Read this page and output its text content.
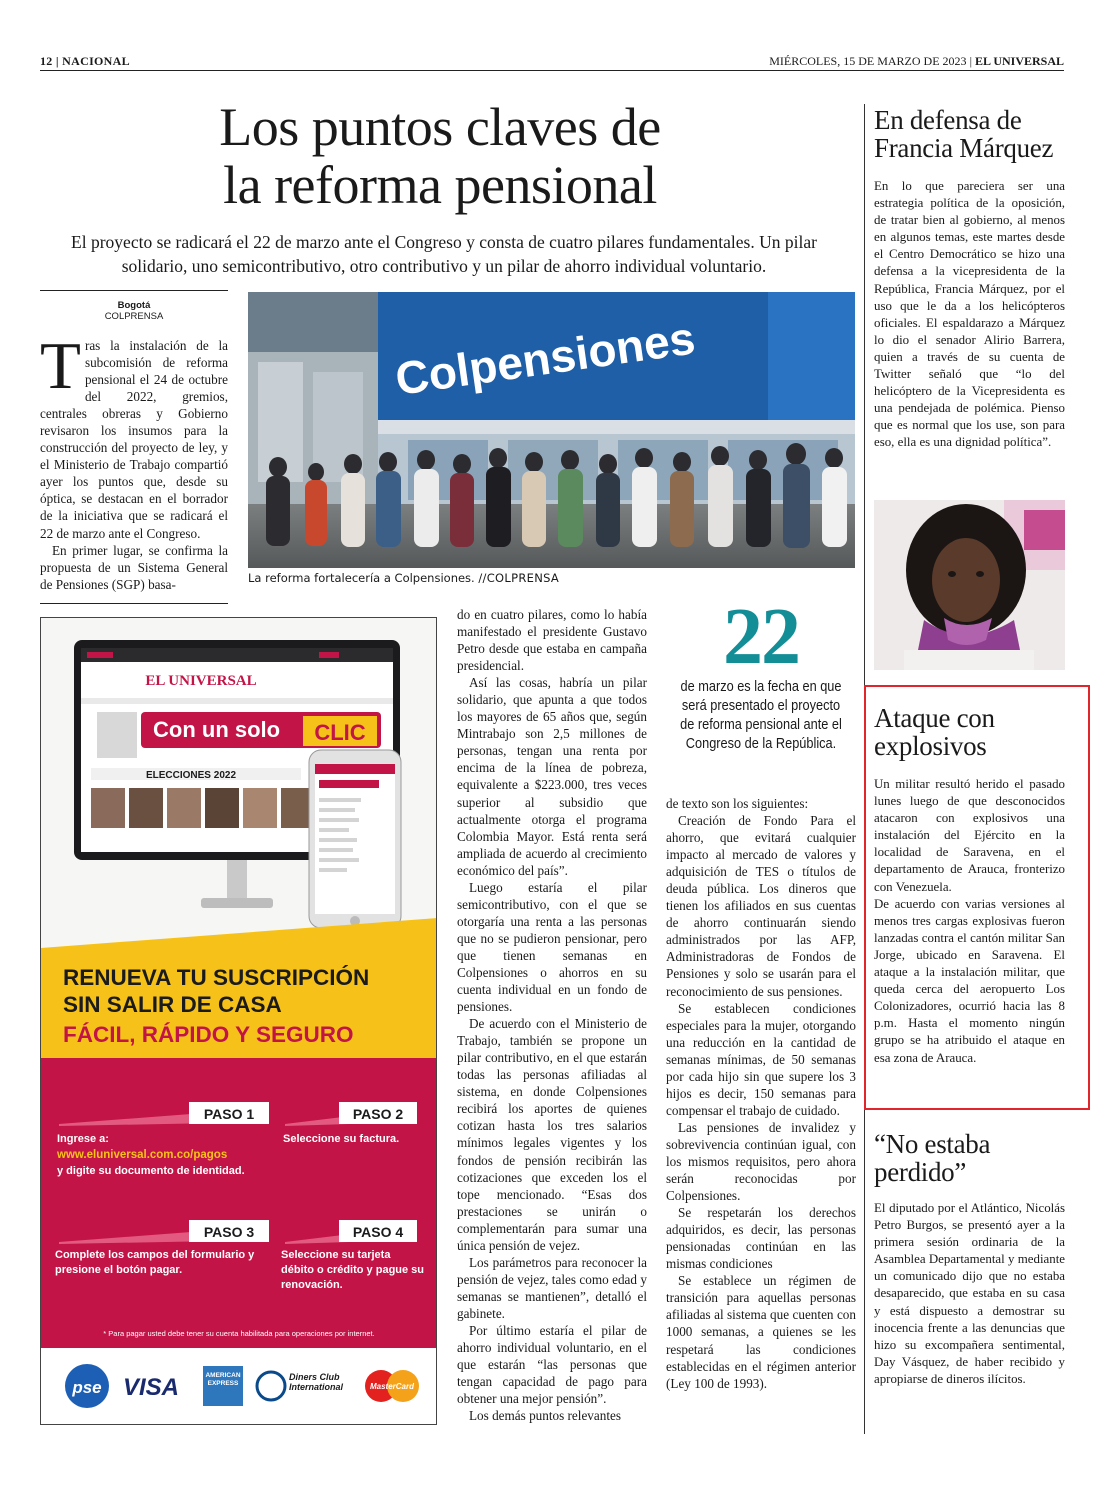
12 | NACIONAL	MIÉRCOLES, 15 DE MARZO DE 2023 | EL UNIVERSAL
Los puntos claves de
la reforma pensional
El proyecto se radicará el 22 de marzo ante el Congreso y consta de cuatro pilares fundamentales. Un pilar solidario, uno semicontributivo, otro contributivo y un pilar de ahorro individual voluntario.
Bogotá
COLPRENSA
T ras la instalación de la subcomisión de reforma pensional el 24 de octubre del 2022, gremios, centrales obreras y Gobierno revisaron los insumos para la construcción del proyecto de ley, y el Ministerio de Trabajo compartió ayer los puntos que, desde su óptica, se destacan en el borrador de la iniciativa que se radicará el 22 de marzo ante el Congreso.

En primer lugar, se confirma la propuesta de un Sistema General de Pensiones (SGP) basa-

Colpensiones
La reforma fortalecería a Colpensiones. //COLPRENSA
EL UNIVERSAL
Con un solo CLIC
ELECCIONES 2022
RENUEVA TU SUSCRIPCIÓN
SIN SALIR DE CASA
FÁCIL, RÁPIDO Y SEGURO
PASO 1
Ingrese a:
www.eluniversal.com.co/pagos
y digite su documento de identidad.
PASO 2
Seleccione su factura.
PASO 3
Complete los campos del formulario y presione el botón pagar.
PASO 4
Seleccione su tarjeta débito o crédito y pague su renovación.
* Para pagar usted debe tener su cuenta habilitada para operaciones por internet.
pse VISA	AMERICAN EXPRESS
Diners Club International	MasterCard

do en cuatro pilares, como lo había manifestado el presidente Gustavo Petro desde que estaba en campaña presidencial.

Así las cosas, habría un pilar solidario, que apunta a que todos los mayores de 65 años que, según Mintrabajo son 2,5 millones de personas, tengan una renta por encima de la línea de pobreza, equivalente a $223.000, tres veces superior al subsidio que actualmente otorga el programa Colombia Mayor. Está renta será ampliada de acuerdo al crecimiento económico del país”.

Luego estaría el pilar semicontributivo, con el que se otorgaría una renta a las personas que no se pudieron pensionar, pero que tienen semanas en Colpensiones o ahorros en su cuenta individual en un fondo de pensiones.

De acuerdo con el Ministerio de Trabajo, también se propone un pilar contributivo, en el que estarán todas las personas afiliadas al sistema, en donde Colpensiones recibirá los aportes de quienes cotizan hasta los tres salarios mínimos legales vigentes y los fondos de pensión recibirán las cotizaciones que exceden los el tope mencionado. “Esas dos prestaciones se unirán o complementarán para sumar una única pensión de vejez.

Los parámetros para reconocer la pensión de vejez, tales como edad y semanas se mantienen”, detalló el gabinete.

Por último estaría el pilar de ahorro individual voluntario, en el que estarán “las personas que tengan capacidad de pago para obtener una mejor pensión”.

Los demás puntos relevantes

22
de marzo es la fecha en que será presentado el proyecto de reforma pensional ante el Congreso de la República.

de texto son los siguientes:

Creación de Fondo Para el ahorro, que evitará cualquier impacto al mercado de valores y adquisición de TES o títulos de deuda pública. Los dineros que tienen los afiliados en sus cuentas de ahorro continuarán siendo administrados por las AFP, Administradoras de Fondos de Pensiones y solo se usarán para el reconocimiento de sus pensiones.

Se establecen condiciones especiales para la mujer, otorgando una reducción en la cantidad de semanas mínimas, de 50 semanas por cada hijo sin que supere los 3 hijos es decir, 150 semanas para compensar el trabajo de cuidado.

Las pensiones de invalidez y sobrevivencia continúan igual, con los mismos requisitos, pero ahora serán reconocidas por Colpensiones.

Se respetarán los derechos adquiridos, es decir, las personas pensionadas continúan en las mismas condiciones

Se establece un régimen de transición para aquellas personas afiliadas al sistema que cuenten con 1000 semanas, a quienes se les respetará las condiciones establecidas en el régimen anterior (Ley 100 de 1993).

En defensa de Francia Márquez

En lo que pareciera ser una estrategia política de la oposición, de tratar bien al gobierno, al menos en algunos temas, este martes desde el Centro Democrático se hizo una defensa a la vicepresidenta de la República, Francia Márquez, por el uso que le da a los helicópteros oficiales. El espaldarazo a Márquez lo dio el senador Alirio Barrera, quien a través de su cuenta de Twitter señaló que “lo del helicóptero de la Vicepresidenta es una pendejada de polémica. Pienso que es normal que los use, son para eso, ella es una dignidad política”.

Ataque con explosivos

Un militar resultó herido el pasado lunes luego de que desconocidos atacaron con explosivos una instalación del Ejército en la localidad de Saravena, en el departamento de Arauca, fronterizo con Venezuela.

De acuerdo con varias versiones al menos tres cargas explosivas fueron lanzadas contra el cantón militar San Jorge, ubicado en Saravena. El ataque a la instalación militar, que queda cerca del aeropuerto Los Colonizadores, ocurrió hacia las 8 p.m. Hasta el momento ningún grupo se ha atribuido el ataque en esa zona de Arauca.

“No estaba perdido”

El diputado por el Atlántico, Nicolás Petro Burgos, se presentó ayer a la primera sesión ordinaria de la Asamblea Departamental y mediante un comunicado dijo que no estaba desaparecido, que estaba en su casa y está dispuesto a demostrar su inocencia frente a las denuncias que hizo su excompañera sentimental, Day Vásquez, de haber recibido y apropiarse de dineros ilícitos.
